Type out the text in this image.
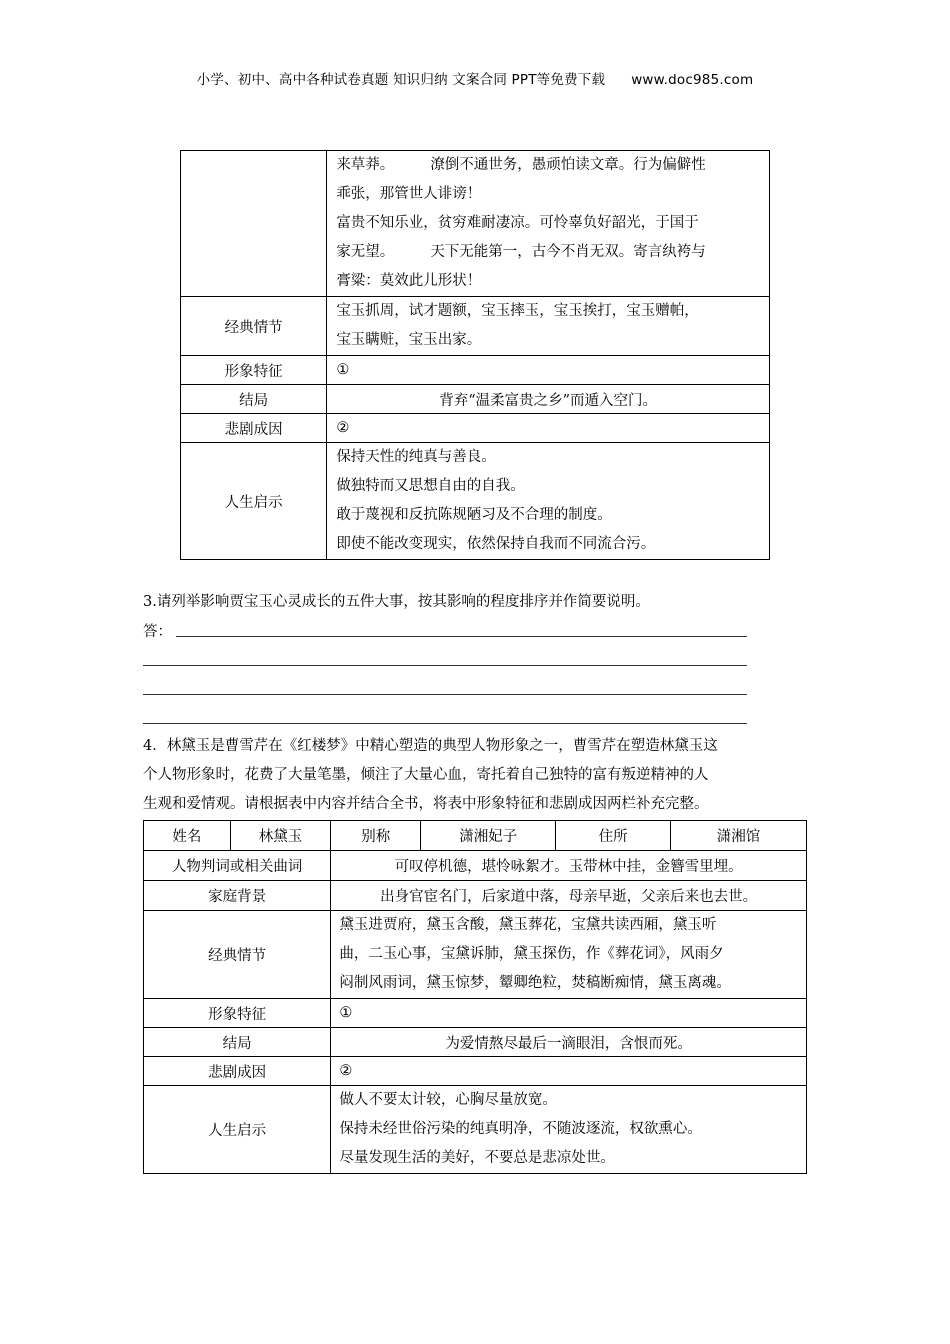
小学、初中、高中各种试卷真题 知识归纳 文案合同 PPT等免费下载 www.doc985.com

	来草莽。 潦倒不通世务，愚顽怕读文章。行为偏僻性
乖张，那管世人诽谤！
富贵不知乐业，贫穷难耐凄凉。可怜辜负好韶光，于国于
家无望。 天下无能第一，古今不肖无双。寄言纨袴与
膏粱：莫效此儿形状！

经典情节	宝玉抓周，试才题额，宝玉摔玉，宝玉挨打，宝玉赠帕，
宝玉瞒赃，宝玉出家。

形象特征	①
结局	背弃“温柔富贵之乡”而遁入空门。
悲剧成因	②
人生启示	保持天性的纯真与善良。
做独特而又思想自由的自我。
敢于蔑视和反抗陈规陋习及不合理的制度。
即使不能改变现实，依然保持自我而不同流合污。
3.请列举影响贾宝玉心灵成长的五件大事，按其影响的程度排序并作简要说明。
答：
4．林黛玉是曹雪芹在《红楼梦》中精心塑造的典型人物形象之一，曹雪芹在塑造林黛玉这
个人物形象时，花费了大量笔墨，倾注了大量心血，寄托着自己独特的富有叛逆精神的人
生观和爱情观。请根据表中内容并结合全书，将表中形象特征和悲剧成因两栏补充完整。
姓名	林黛玉	别称	潇湘妃子	住所	潇湘馆
人物判词或相关曲词		可叹停机德，堪怜咏絮才。玉带林中挂，金簪雪里埋。			
家庭背景		出身官宦名门，后家道中落，母亲早逝，父亲后来也去世。			
经典情节		黛玉进贾府，黛玉含酸，黛玉葬花，宝黛共读西厢，黛玉听
曲，二玉心事，宝黛诉肺，黛玉探伤，作《葬花词》，风雨夕
闷制风雨词，黛玉惊梦，颦卿绝粒，焚稿断痴情，黛玉离魂。			

形象特征		①			
结局		为爱情熬尽最后一滴眼泪，含恨而死。			
悲剧成因		②			
人生启示		做人不要太计较，心胸尽量放宽。
保持未经世俗污染的纯真明净，不随波逐流，权欲熏心。
尽量发现生活的美好，不要总是悲凉处世。			
